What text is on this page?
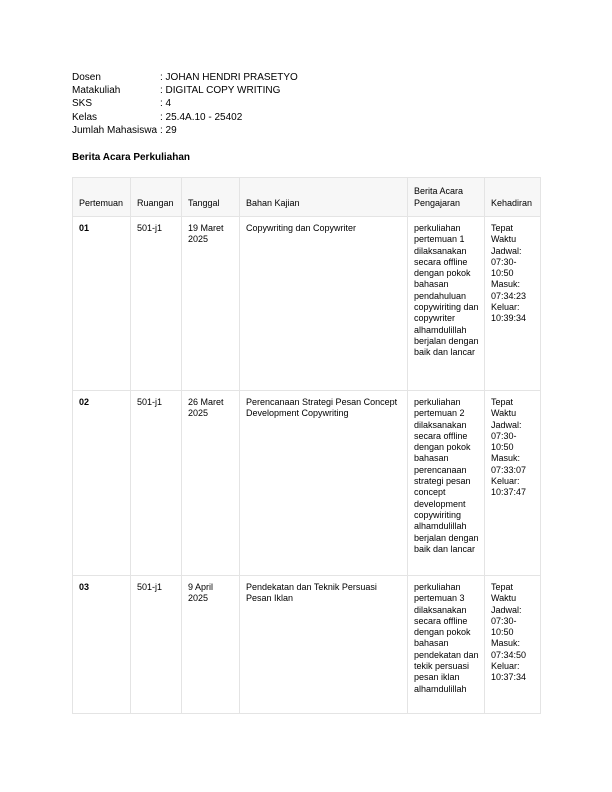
Dosen	: JOHAN HENDRI PRASETYO
Matakuliah	: DIGITAL COPY WRITING
SKS	: 4
Kelas	: 25.4A.10 - 25402
Jumlah Mahasiswa : 29
Berita Acara Perkuliahan
Pertemuan	Ruangan	Tanggal	Bahan Kajian	Berita Acara Pengajaran	Kehadiran
01	501-j1	19 Maret 2025	Copywriting dan Copywriter	perkuliahan pertemuan 1 dilaksanakan secara offline dengan pokok bahasan pendahuluan copywiriting dan copywriter alhamdulillah berjalan dengan baik dan lancar	Tepat Waktu Jadwal: 07:30-10:50 Masuk: 07:34:23 Keluar: 10:39:34
02	501-j1	26 Maret 2025	Perencanaan Strategi Pesan Concept Development Copywriting	perkuliahan pertemuan 2 dilaksanakan secara offline dengan pokok bahasan perencanaan strategi pesan concept development copywiriting alhamdulillah berjalan dengan baik dan lancar	Tepat Waktu Jadwal: 07:30-10:50 Masuk: 07:33:07 Keluar: 10:37:47
03	501-j1	9 April 2025	Pendekatan dan Teknik Persuasi Pesan Iklan	perkuliahan pertemuan 3 dilaksanakan secara offline dengan pokok bahasan pendekatan dan tekik persuasi pesan iklan alhamdulillah	Tepat Waktu Jadwal: 07:30-10:50 Masuk: 07:34:50 Keluar: 10:37:34
